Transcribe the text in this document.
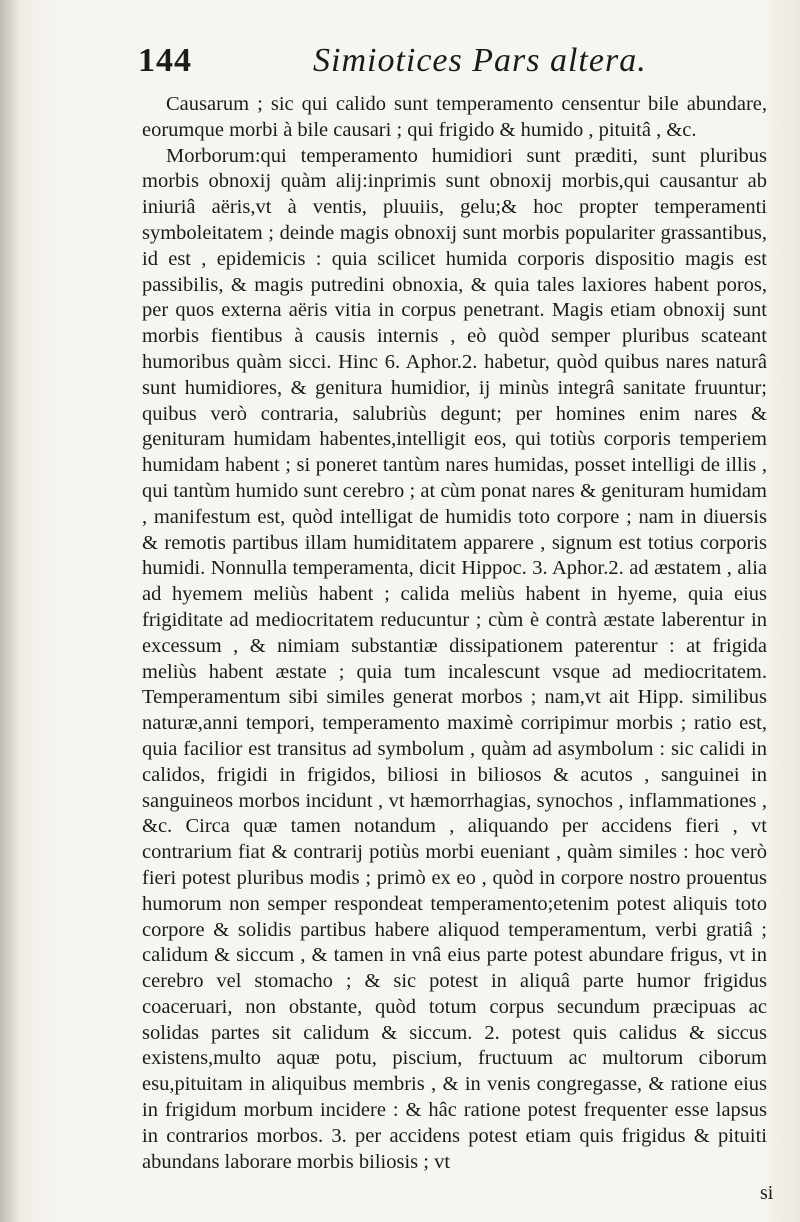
144	Simiotices Pars altera.

Causarum ; sic qui calido sunt temperamento censentur bile abundare, eorumque morbi à bile causari ; qui frigido & humido , pituitâ , &c.

Morborum:qui temperamento humidiori sunt præditi, sunt pluribus morbis obnoxij quàm alij:inprimis sunt obnoxij morbis,qui causantur ab iniuriâ aëris,vt à ventis, pluuiis, gelu;& hoc propter temperamenti symboleitatem ; deinde magis obnoxij sunt morbis populariter grassantibus, id est , epidemicis : quia scilicet humida corporis dispositio magis est passibilis, & magis putredini obnoxia, & quia tales laxiores habent poros, per quos externa aëris vitia in corpus penetrant. Magis etiam obnoxij sunt morbis fientibus à causis internis , eò quòd semper pluribus scateant humoribus quàm sicci. Hinc 6. Aphor.2. habetur, quòd quibus nares naturâ sunt humidiores, & genitura humidior, ij minùs integrâ sanitate fruuntur; quibus verò contraria, salubriùs degunt; per homines enim nares & genituram humidam habentes,intelligit eos, qui totiùs corporis temperiem humidam habent ; si poneret tantùm nares humidas, posset intelligi de illis , qui tantùm humido sunt cerebro ; at cùm ponat nares & genituram humidam , manifestum est, quòd intelligat de humidis toto corpore ; nam in diuersis & remotis partibus illam humiditatem apparere , signum est totius corporis humidi. Nonnulla temperamenta, dicit Hippoc. 3. Aphor.2. ad æstatem , alia ad hyemem meliùs habent ; calida meliùs habent in hyeme, quia eius frigiditate ad mediocritatem reducuntur ; cùm è contrà æstate laberentur in excessum , & nimiam substantiæ dissipationem paterentur : at frigida meliùs habent æstate ; quia tum incalescunt vsque ad mediocritatem. Temperamentum sibi similes generat morbos ; nam,vt ait Hipp. similibus naturæ,anni tempori, temperamento maximè corripimur morbis ; ratio est, quia facilior est transitus ad symbolum , quàm ad asymbolum : sic calidi in calidos, frigidi in frigidos, biliosi in biliosos & acutos , sanguinei in sanguineos morbos incidunt , vt hæmorrhagias, synochos , inflammationes , &c. Circa quæ tamen notandum , aliquando per accidens fieri , vt contrarium fiat & contrarij potiùs morbi eueniant , quàm similes : hoc verò fieri potest pluribus modis ; primò ex eo , quòd in corpore nostro prouentus humorum non semper respondeat temperamento;etenim potest aliquis toto corpore & solidis partibus habere aliquod temperamentum, verbi gratiâ ; calidum & siccum , & tamen in vnâ eius parte potest abundare frigus, vt in cerebro vel stomacho ; & sic potest in aliquâ parte humor frigidus coaceruari, non obstante, quòd totum corpus secundum præcipuas ac solidas partes sit calidum & siccum. 2. potest quis calidus & siccus existens,multo aquæ potu, piscium, fructuum ac multorum ciborum esu,pituitam in aliquibus membris , & in venis congregasse, & ratione eius in frigidum morbum incidere : & hâc ratione potest frequenter esse lapsus in contrarios morbos. 3. per accidens potest etiam quis frigidus & pituiti abundans laborare morbis biliosis ; vt

si
